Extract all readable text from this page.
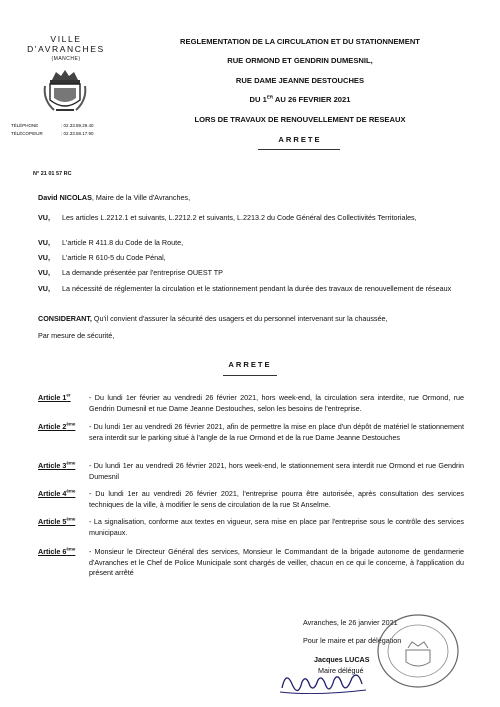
VILLE
D'AVRANCHES
(MANCHE)
TÉLÉPHONE	: 02.33.89.29.40
TÉLÉCOPIEUR	: 02.33.58.17.90
REGLEMENTATION DE LA CIRCULATION ET DU STATIONNEMENT
RUE ORMOND ET GENDRIN DUMESNIL,
RUE DAME JEANNE DESTOUCHES
DU 1ER AU 26 FEVRIER 2021
LORS DE TRAVAUX DE RENOUVELLEMENT DE RESEAUX
ARRETE
N° 21 01 57 RC
David NICOLAS, Maire de la Ville d'Avranches,
VU, Les articles L.2212.1 et suivants, L.2212.2 et suivants, L.2213.2 du Code Général des Collectivités Territoriales,
VU, L'article R 411.8 du Code de la Route,
VU, L'article R 610-5 du Code Pénal,
VU, La demande présentée par l'entreprise OUEST TP
VU, La nécessité de réglementer la circulation et le stationnement pendant la durée des travaux de renouvellement de réseaux
CONSIDERANT, Qu'il convient d'assurer la sécurité des usagers et du personnel intervenant sur la chaussée,
Par mesure de sécurité,
ARRETE
Article 1er	- Du lundi 1er février au vendredi 26 février 2021, hors week-end, la circulation sera interdite, rue Ormond, rue Gendrin Dumesnil et rue Dame Jeanne Destouches, selon les besoins de l'entreprise.
Article 2ème - Du lundi 1er au vendredi 26 février 2021, afin de permettre la mise en place d'un dépôt de matériel le stationnement sera interdit sur le parking situé à l'angle de la rue Ormond et de la rue Dame Jeanne Destouches
Article 3ème - Du lundi 1er au vendredi 26 février 2021, hors week-end, le stationnement sera interdit rue Ormond et rue Gendrin Dumesnil
Article 4ème - Du lundi 1er au vendredi 26 février 2021, l'entreprise pourra être autorisée, après consultation des services techniques de la ville, à modifier le sens de circulation de la rue St Anselme.
Article 5ème - La signalisation, conforme aux textes en vigueur, sera mise en place par l'entreprise sous le contrôle des services municipaux.
Article 6ème - Monsieur le Directeur Général des services, Monsieur le Commandant de la brigade autonome de gendarmerie d'Avranches et le Chef de Police Municipale sont chargés de veiller, chacun en ce qui le concerne, à l'application du présent arrêté
Avranches, le 26 janvier 2021
Pour le maire et par délégation
Jacques LUCAS
Maire délégué
